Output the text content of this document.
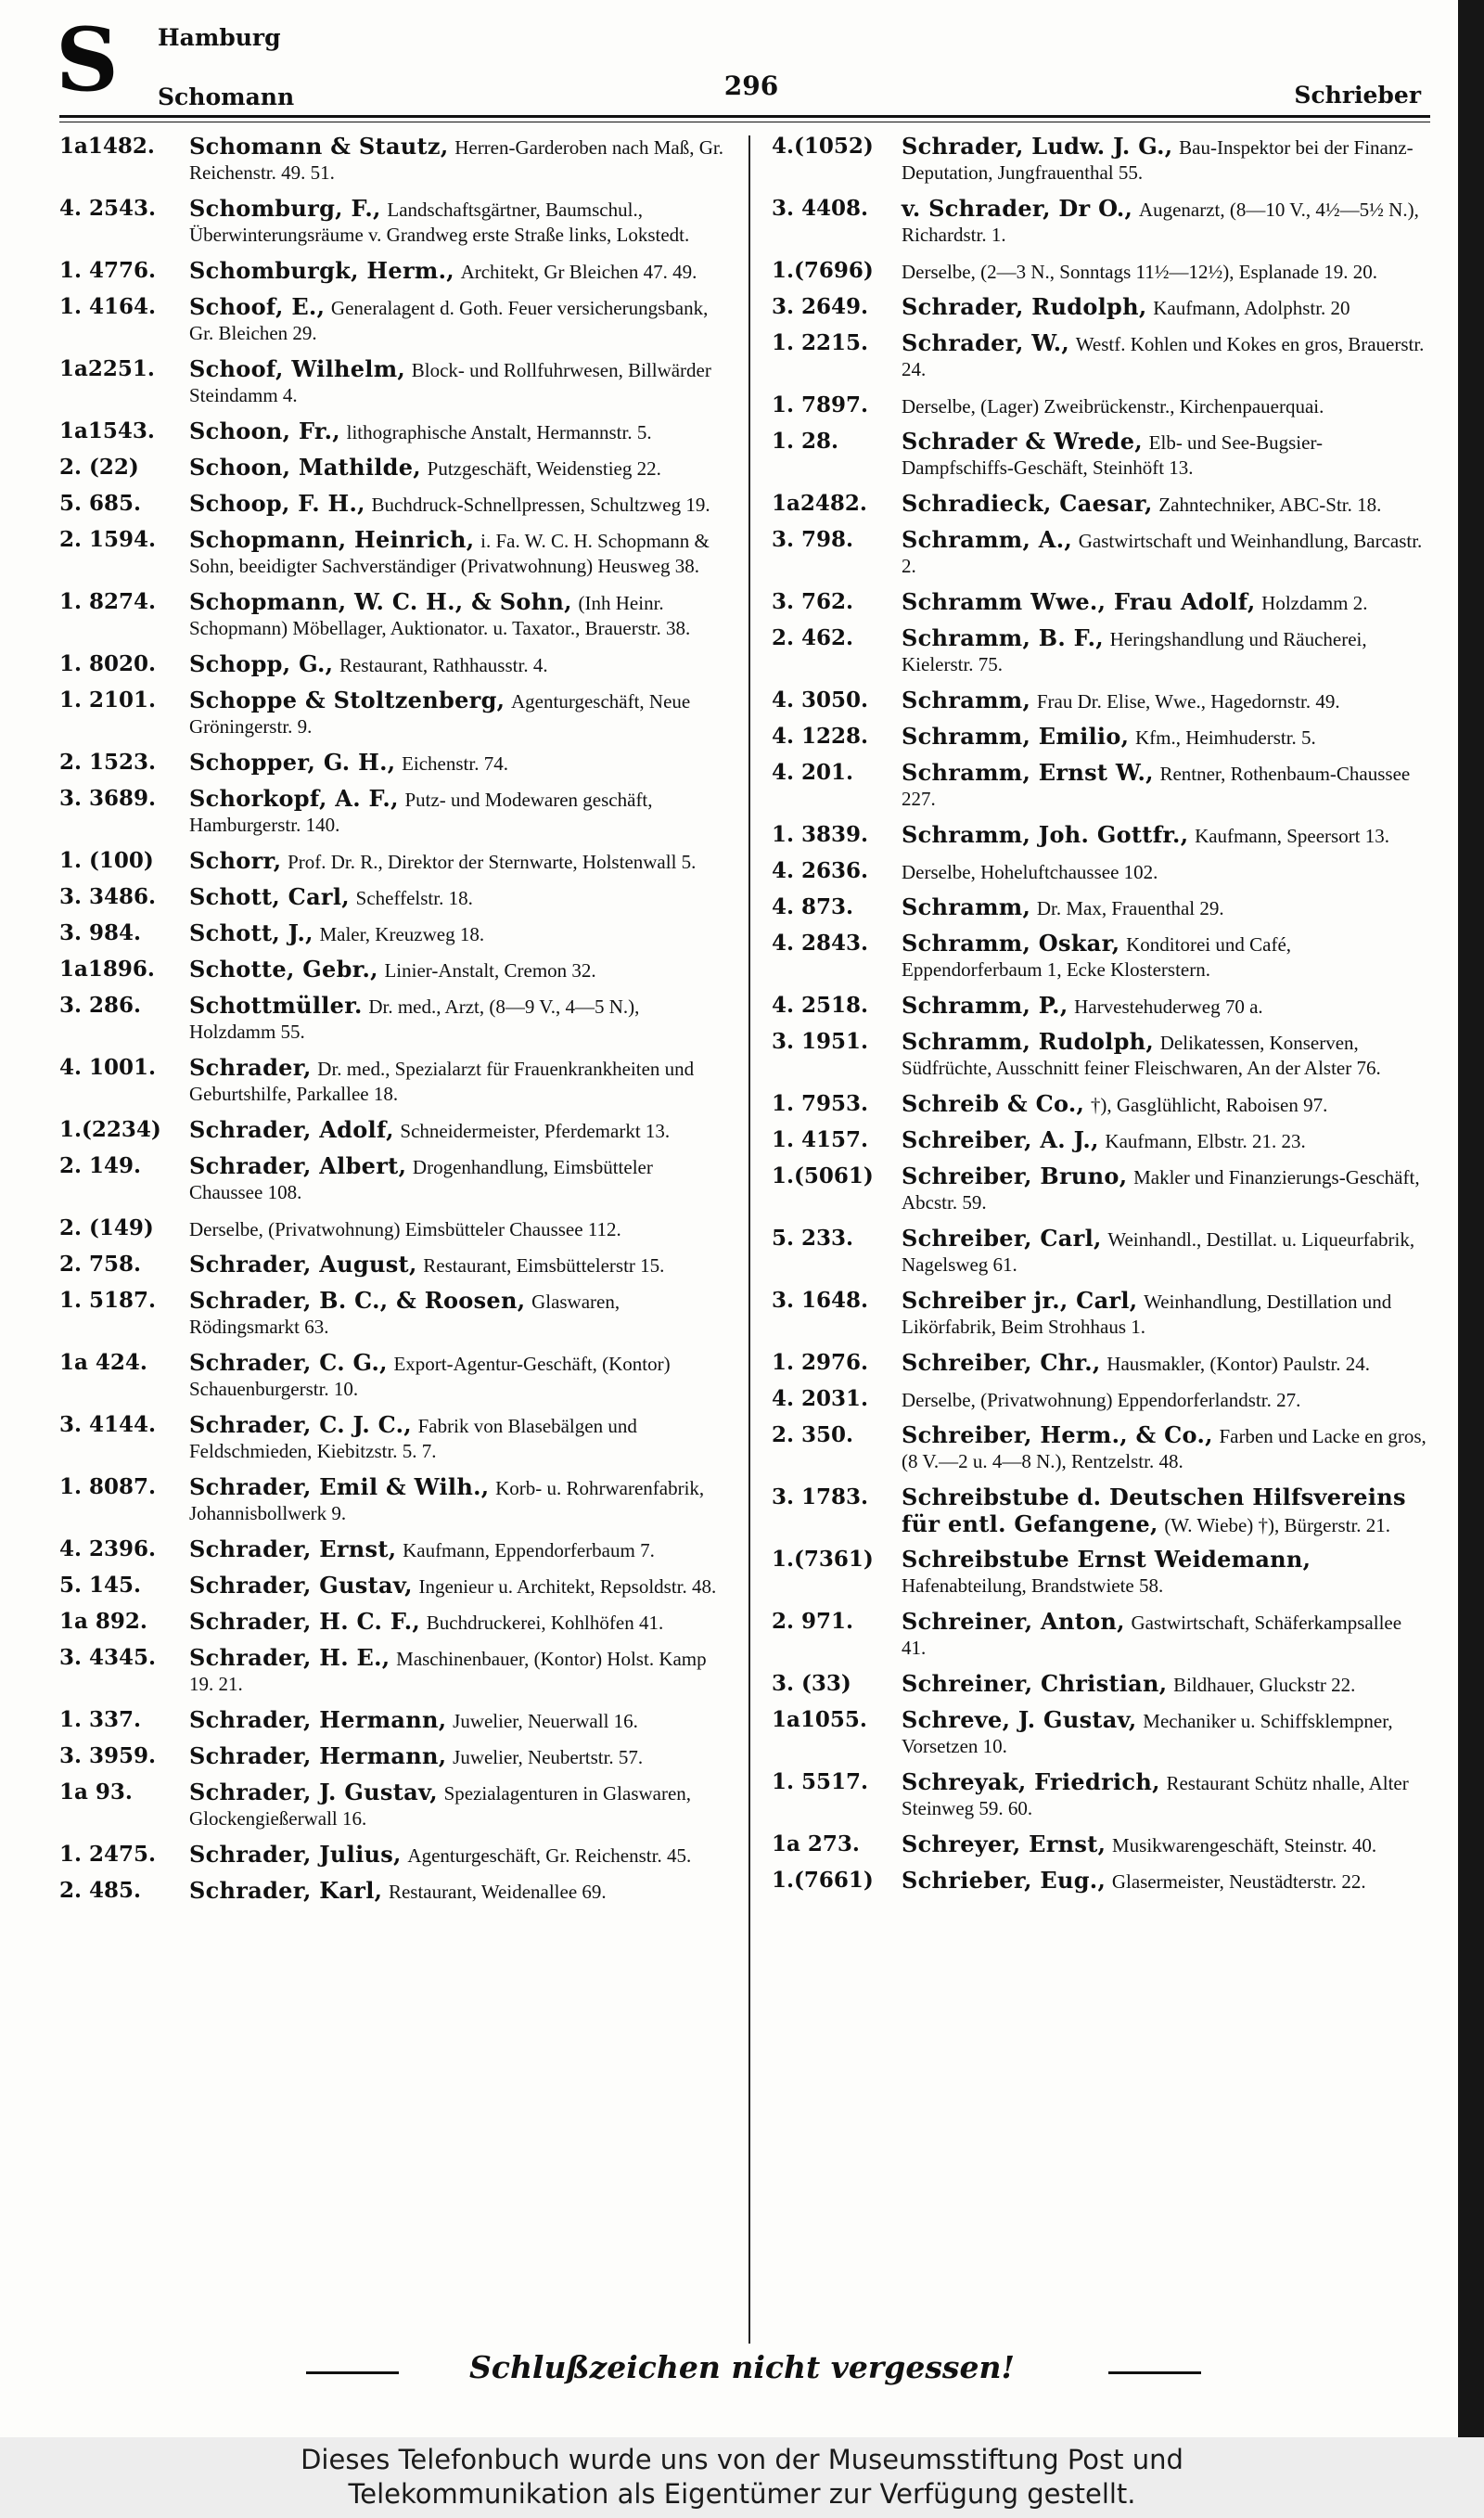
S Hamburg
Schomann	296	Schrieber
1a1482.	Schomann & Stautz, Herren-Garderoben nach Maß, Gr. Reichenstr. 49. 51.
4. 2543.	Schomburg, F., Landschaftsgärtner, Baumschul., Überwinterungsräume v. Grandweg erste Straße links, Lokstedt.
1. 4776.	Schomburgk, Herm., Architekt, Gr Bleichen 47. 49.
1. 4164.	Schoof, E., Generalagent d. Goth. Feuer versicherungsbank, Gr. Bleichen 29.
1a2251.	Schoof, Wilhelm, Block- und Rollfuhrwesen, Billwärder Steindamm 4.
1a1543.	Schoon, Fr., lithographische Anstalt, Hermannstr. 5.
2. (22)	Schoon, Mathilde, Putzgeschäft, Weidenstieg 22.
5. 685.	Schoop, F. H., Buchdruck-Schnellpressen, Schultzweg 19.
2. 1594.	Schopmann, Heinrich, i. Fa. W. C. H. Schopmann & Sohn, beeidigter Sachverständiger (Privatwohnung) Heusweg 38.
1. 8274.	Schopmann, W. C. H., & Sohn, (Inh Heinr. Schopmann) Möbellager, Auktionator. u. Taxator., Brauerstr. 38.
1. 8020.	Schopp, G., Restaurant, Rathhausstr. 4.
1. 2101.	Schoppe & Stoltzenberg, Agenturgeschäft, Neue Gröningerstr. 9.
2. 1523.	Schopper, G. H., Eichenstr. 74.
3. 3689.	Schorkopf, A. F., Putz- und Modewaren geschäft, Hamburgerstr. 140.
1. (100)	Schorr, Prof. Dr. R., Direktor der Sternwarte, Holstenwall 5.
3. 3486.	Schott, Carl, Scheffelstr. 18.
3. 984.	Schott, J., Maler, Kreuzweg 18.
1a1896.	Schotte, Gebr., Linier-Anstalt, Cremon 32.
3. 286.	Schottmüller. Dr. med., Arzt, (8—9 V., 4—5 N.), Holzdamm 55.
4. 1001.	Schrader, Dr. med., Spezialarzt für Frauenkrankheiten und Geburtshilfe, Parkallee 18.
1.(2234)	Schrader, Adolf, Schneidermeister, Pferdemarkt 13.
2. 149.	Schrader, Albert, Drogenhandlung, Eimsbütteler Chaussee 108.
2. (149)	Derselbe, (Privatwohnung) Eimsbütteler Chaussee 112.
2. 758.	Schrader, August, Restaurant, Eimsbüttelerstr 15.
1. 5187.	Schrader, B. C., & Roosen, Glaswaren, Rödingsmarkt 63.
1a 424.	Schrader, C. G., Export-Agentur-Geschäft, (Kontor) Schauenburgerstr. 10.
3. 4144.	Schrader, C. J. C., Fabrik von Blasebälgen und Feldschmieden, Kiebitzstr. 5. 7.
1. 8087.	Schrader, Emil & Wilh., Korb- u. Rohrwarenfabrik, Johannisbollwerk 9.
4. 2396.	Schrader, Ernst, Kaufmann, Eppendorferbaum 7.
5. 145.	Schrader, Gustav, Ingenieur u. Architekt, Repsoldstr. 48.
1a 892.	Schrader, H. C. F., Buchdruckerei, Kohlhöfen 41.
3. 4345.	Schrader, H. E., Maschinenbauer, (Kontor) Holst. Kamp 19. 21.
1. 337.	Schrader, Hermann, Juwelier, Neuerwall 16.
3. 3959.	Schrader, Hermann, Juwelier, Neubertstr. 57.
1a 93.	Schrader, J. Gustav, Spezialagenturen in Glaswaren, Glockengießerwall 16.
1. 2475.	Schrader, Julius, Agenturgeschäft, Gr. Reichenstr. 45.
2. 485.	Schrader, Karl, Restaurant, Weidenallee 69.
4.(1052)	Schrader, Ludw. J. G., Bau-Inspektor bei der Finanz-Deputation, Jungfrauenthal 55.
3. 4408.	v. Schrader, Dr O., Augenarzt, (8—10 V., 4½—5½ N.), Richardstr. 1.
1.(7696)	Derselbe, (2—3 N., Sonntags 11½—12½), Esplanade 19. 20.
3. 2649.	Schrader, Rudolph, Kaufmann, Adolphstr. 20
1. 2215.	Schrader, W., Westf. Kohlen und Kokes en gros, Brauerstr. 24.
1. 7897.	Derselbe, (Lager) Zweibrückenstr., Kirchenpauerquai.
1. 28.	Schrader & Wrede, Elb- und See-Bugsier-Dampfschiffs-Geschäft, Steinhöft 13.
1a2482.	Schradieck, Caesar, Zahntechniker, ABC-Str. 18.
3. 798.	Schramm, A., Gastwirtschaft und Weinhandlung, Barcastr. 2.
3. 762.	Schramm Wwe., Frau Adolf, Holzdamm 2.
2. 462.	Schramm, B. F., Heringshandlung und Räucherei, Kielerstr. 75.
4. 3050.	Schramm, Frau Dr. Elise, Wwe., Hagedornstr. 49.
4. 1228.	Schramm, Emilio, Kfm., Heimhuderstr. 5.
4. 201.	Schramm, Ernst W., Rentner, Rothenbaum-Chaussee 227.
1. 3839.	Schramm, Joh. Gottfr., Kaufmann, Speersort 13.
4. 2636.	Derselbe, Hoheluftchaussee 102.
4. 873.	Schramm, Dr. Max, Frauenthal 29.
4. 2843.	Schramm, Oskar, Konditorei und Café, Eppendorferbaum 1, Ecke Klosterstern.
4. 2518.	Schramm, P., Harvestehuderweg 70 a.
3. 1951.	Schramm, Rudolph, Delikatessen, Konserven, Südfrüchte, Ausschnitt feiner Fleischwaren, An der Alster 76.
1. 7953.	Schreib & Co., †), Gasglühlicht, Raboisen 97.
1. 4157.	Schreiber, A. J., Kaufmann, Elbstr. 21. 23.
1.(5061)	Schreiber, Bruno, Makler und Finanzierungs-Geschäft, Abcstr. 59.
5. 233.	Schreiber, Carl, Weinhandl., Destillat. u. Liqueurfabrik, Nagelsweg 61.
3. 1648.	Schreiber jr., Carl, Weinhandlung, Destillation und Likörfabrik, Beim Strohhaus 1.
1. 2976.	Schreiber, Chr., Hausmakler, (Kontor) Paulstr. 24.
4. 2031.	Derselbe, (Privatwohnung) Eppendorferlandstr. 27.
2. 350.	Schreiber, Herm., & Co., Farben und Lacke en gros, (8 V.—2 u. 4—8 N.), Rentzelstr. 48.
3. 1783.	Schreibstube d. Deutschen Hilfsvereins für entl. Gefangene, (W. Wiebe) †), Bürgerstr. 21.
1.(7361)	Schreibstube Ernst Weidemann, Hafenabteilung, Brandstwiete 58.
2. 971.	Schreiner, Anton, Gastwirtschaft, Schäferkampsallee 41.
3. (33)	Schreiner, Christian, Bildhauer, Gluckstr 22.
1a1055.	Schreve, J. Gustav, Mechaniker u. Schiffsklempner, Vorsetzen 10.
1. 5517.	Schreyak, Friedrich, Restaurant Schütz nhalle, Alter Steinweg 59. 60.
1a 273.	Schreyer, Ernst, Musikwarengeschäft, Steinstr. 40.
1.(7661)	Schrieber, Eug., Glasermeister, Neustädterstr. 22.
Schlußzeichen nicht vergessen!
Dieses Telefonbuch wurde uns von der Museumsstiftung Post und
Telekommunikation als Eigentümer zur Verfügung gestellt.
